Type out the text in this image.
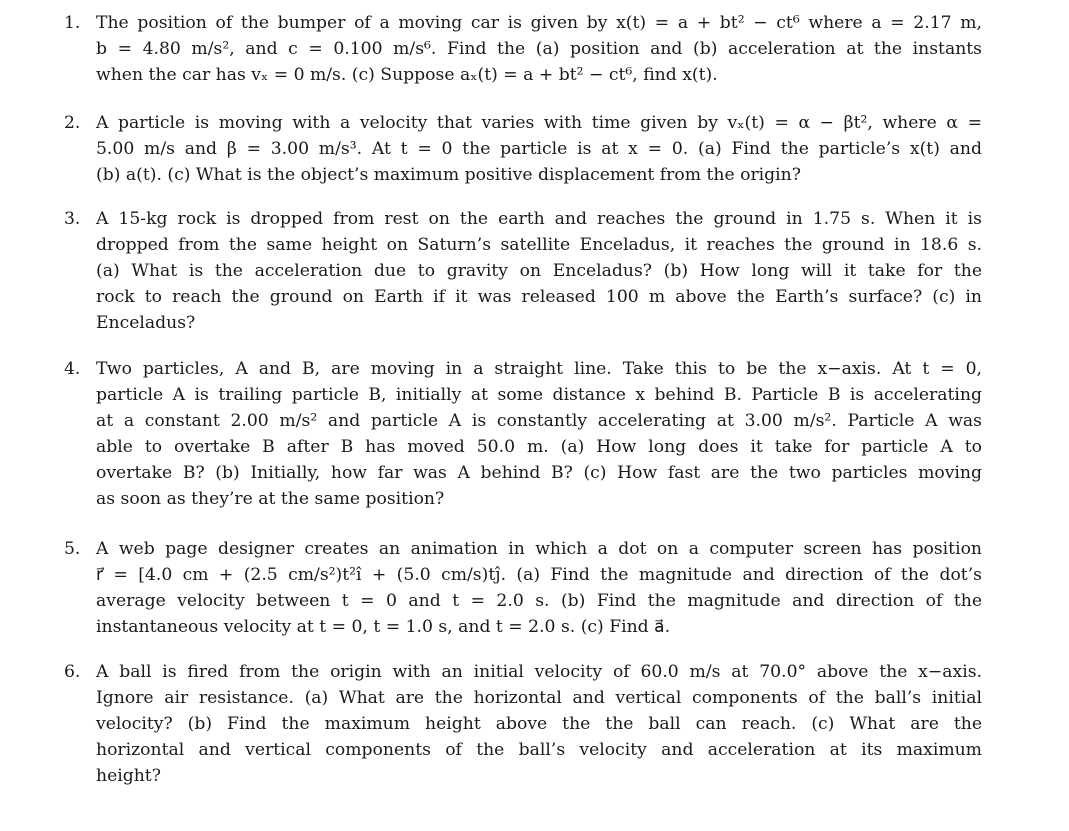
1. The position of the bumper of a moving car is given by x(t) = a + bt² − ct⁶ where a = 2.17 m,
b = 4.80 m/s², and c = 0.100 m/s⁶. Find the (a) position and (b) acceleration at the instants
when the car has vₓ = 0 m/s. (c) Suppose aₓ(t) = a + bt² − ct⁶, find x(t).
2. A particle is moving with a velocity that varies with time given by vₓ(t) = α − βt², where α =
5.00 m/s and β = 3.00 m/s³. At t = 0 the particle is at x = 0. (a) Find the particle’s x(t) and
(b) a(t). (c) What is the object’s maximum positive displacement from the origin?
3. A 15-kg rock is dropped from rest on the earth and reaches the ground in 1.75 s. When it is
dropped from the same height on Saturn’s satellite Enceladus, it reaches the ground in 18.6 s.
(a) What is the acceleration due to gravity on Enceladus? (b) How long will it take for the
rock to reach the ground on Earth if it was released 100 m above the Earth’s surface? (c) in
Enceladus?
4. Two particles, A and B, are moving in a straight line. Take this to be the x−axis. At t = 0,
particle A is trailing particle B, initially at some distance x behind B. Particle B is accelerating
at a constant 2.00 m/s² and particle A is constantly accelerating at 3.00 m/s². Particle A was
able to overtake B after B has moved 50.0 m. (a) How long does it take for particle A to
overtake B? (b) Initially, how far was A behind B? (c) How fast are the two particles moving
as soon as they’re at the same position?
5. A web page designer creates an animation in which a dot on a computer screen has position
r⃗ = [4.0 cm + (2.5 cm/s²)t²î + (5.0 cm/s)tĵ. (a) Find the magnitude and direction of the dot’s
average velocity between t = 0 and t = 2.0 s. (b) Find the magnitude and direction of the
instantaneous velocity at t = 0, t = 1.0 s, and t = 2.0 s. (c) Find a⃗.
6. A ball is fired from the origin with an initial velocity of 60.0 m/s at 70.0° above the x−axis.
Ignore air resistance. (a) What are the horizontal and vertical components of the ball’s initial
velocity? (b) Find the maximum height above the the ball can reach. (c) What are the
horizontal and vertical components of the ball’s velocity and acceleration at its maximum
height?
